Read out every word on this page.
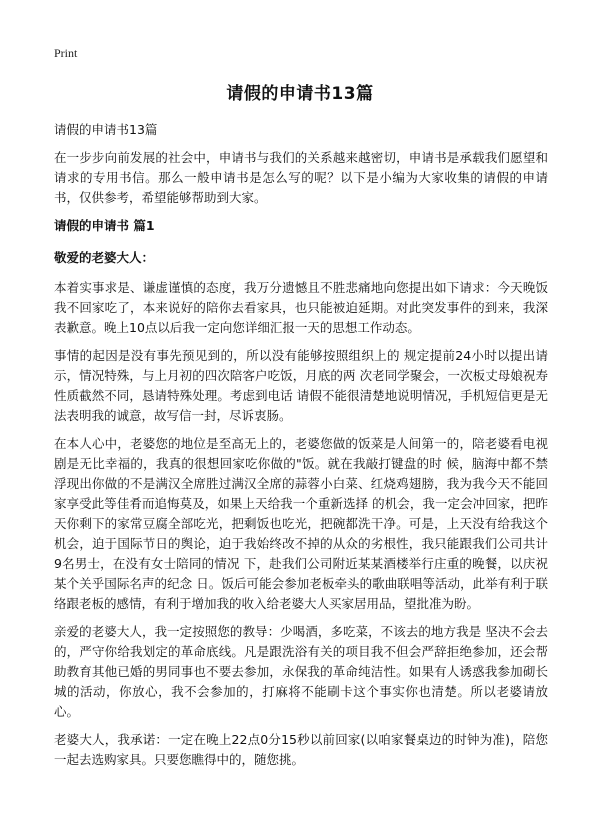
Print
请假的申请书13篇
请假的申请书13篇

在一步步向前发展的社会中，申请书与我们的关系越来越密切，申请书是承载我们愿望和请求的专用书信。那么一般申请书是怎么写的呢？以下是小编为大家收集的请假的申请书，仅供参考，希望能够帮助到大家。

请假的申请书 篇1
敬爱的老婆大人：

本着实事求是、谦虚谨慎的态度，我万分遗憾且不胜悲痛地向您提出如下请求：今天晚饭我不回家吃了，本来说好的陪你去看家具，也只能被迫延期。对此突发事件的到来，我深表歉意。晚上10点以后我一定向您详细汇报一天的思想工作动态。

事情的起因是没有事先预见到的，所以没有能够按照组织上的 规定提前24小时以提出请示，情况特殊，与上月初的四次陪客户吃饭，月底的两 次老同学聚会，一次板丈母娘祝寿性质截然不同，恳请特殊处理。考虑到电话 请假不能很清楚地说明情况，手机短信更是无法表明我的诚意，故写信一封，尽诉衷肠。

在本人心中，老婆您的地位是至高无上的，老婆您做的饭菜是人间第一的，陪老婆看电视剧是无比幸福的，我真的很想回家吃你做的"饭。就在我敲打键盘的时 候，脑海中都不禁浮现出你做的不是满汉全席胜过满汉全席的蒜蓉小白菜、红烧鸡翅膀，我为我今天不能回家享受此等佳肴而追悔莫及，如果上天给我一个重新选择 的机会，我一定会冲回家，把昨天你剩下的家常豆腐全部吃光，把剩饭也吃光，把碗都洗干净。可是，上天没有给我这个机会，迫于国际节日的舆论，迫于我始终改不掉的从众的劣根性，我只能跟我们公司共计9名男士，在没有女士陪同的情况 下，赴我们公司附近某某酒楼举行庄重的晚餐，以庆祝某个关乎国际名声的纪念 日。饭后可能会参加老板牵头的歌曲联唱等活动，此举有利于联络跟老板的感情，有利于增加我的收入给老婆大人买家居用品，望批准为盼。

亲爱的老婆大人，我一定按照您的教导：少喝酒，多吃菜，不该去的地方我是 坚决不会去的，严守你给我划定的革命底线。凡是跟洗浴有关的项目我不但会严辞拒绝参加，还会帮助教育其他已婚的男同事也不要去参加，永保我的革命纯洁性。如果有人诱惑我参加砌长城的活动，你放心，我不会参加的，打麻将不能刷卡这个事实你也清楚。所以老婆请放心。

老婆大人，我承诺：一定在晚上22点0分15秒以前回家(以咱家餐桌边的时钟为准)，陪您一起去选购家具。只要您瞧得中的，随您挑。
